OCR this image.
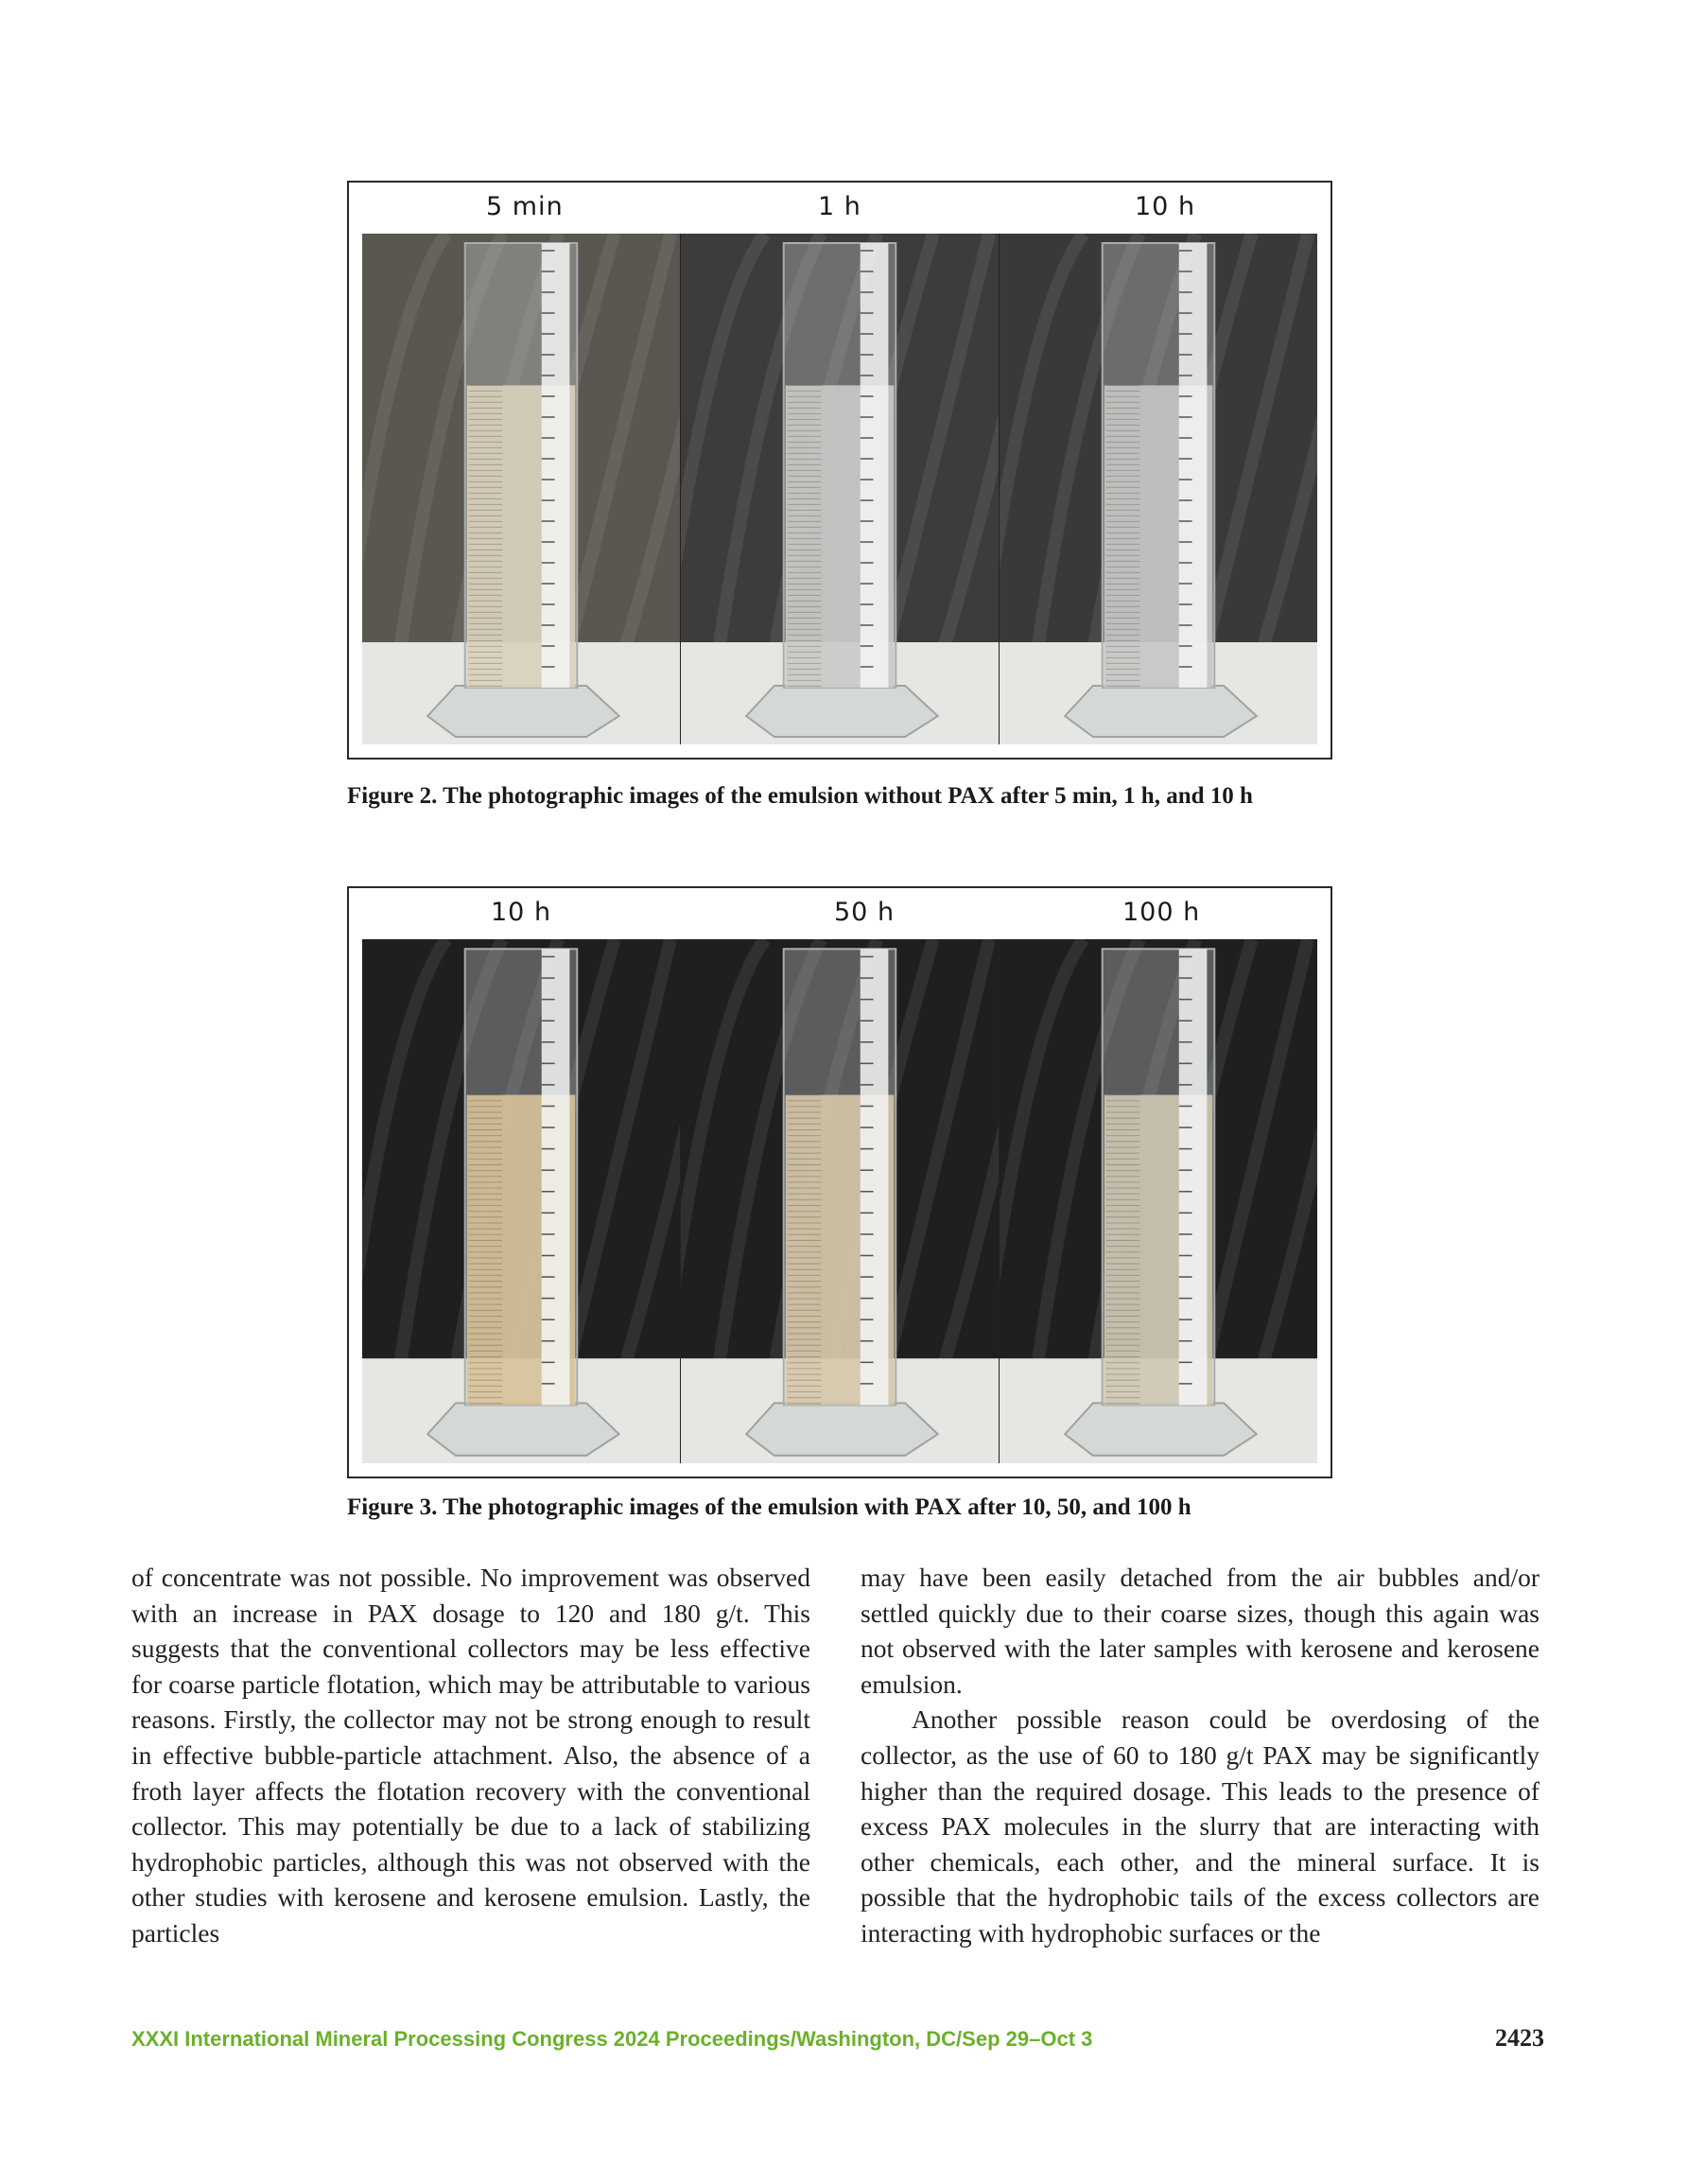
5 min	1 h	10 h
Figure 2. The photographic images of the emulsion without PAX after 5 min, 1 h, and 10 h
10 h	50 h	100 h
Figure 3. The photographic images of the emulsion with PAX after 10, 50, and 100 h

of concentrate was not possible. No improvement was observed with an increase in PAX dosage to 120 and 180 g/t. This suggests that the conventional collectors may be less effective for coarse particle flotation, which may be attributable to various reasons. Firstly, the collector may not be strong enough to result in effective bubble-particle attachment. Also, the absence of a froth layer affects the flotation recovery with the conventional collector. This may potentially be due to a lack of stabilizing hydrophobic particles, although this was not observed with the other studies with kerosene and kerosene emulsion. Lastly, the particles

may have been easily detached from the air bubbles and/or settled quickly due to their coarse sizes, though this again was not observed with the later samples with kerosene and kerosene emulsion.

Another possible reason could be overdosing of the collector, as the use of 60 to 180 g/t PAX may be significantly higher than the required dosage. This leads to the presence of excess PAX molecules in the slurry that are interacting with other chemicals, each other, and the mineral surface. It is possible that the hydrophobic tails of the excess collectors are interacting with hydrophobic surfaces or the

XXXI International Mineral Processing Congress 2024 Proceedings/Washington, DC/Sep 29–Oct 3	2423
